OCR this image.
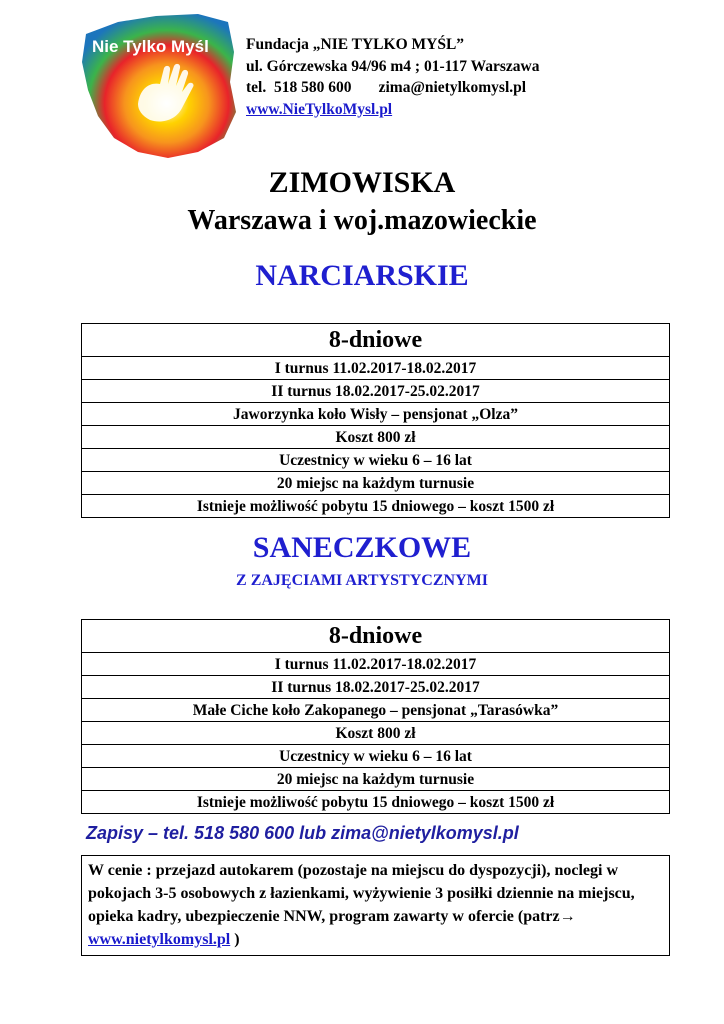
Nie Tylko Myśl Fundacja „NIE TYLKO MYŚL”
ul. Górczewska 94/96 m4 ; 01-117 Warszawa
tel.  518 580 600 zima@nietylkomysl.pl
www.NieTylkoMysl.pl
ZIMOWISKA
Warszawa i woj.mazowieckie
NARCIARSKIE
8-dniowe
I turnus 11.02.2017-18.02.2017
II turnus 18.02.2017-25.02.2017
Jaworzynka koło Wisły – pensjonat „Olza”
Koszt 800 zł
Uczestnicy w wieku 6 – 16 lat
20 miejsc na każdym turnusie
Istnieje możliwość pobytu 15 dniowego – koszt 1500 zł
SANECZKOWE
Z ZAJĘCIAMI ARTYSTYCZNYMI
8-dniowe
I turnus 11.02.2017-18.02.2017
II turnus 18.02.2017-25.02.2017
Małe Ciche koło Zakopanego – pensjonat „Tarasówka”
Koszt 800 zł
Uczestnicy w wieku 6 – 16 lat
20 miejsc na każdym turnusie
Istnieje możliwość pobytu 15 dniowego – koszt 1500 zł
Zapisy – tel. 518 580 600 lub zima@nietylkomysl.pl
W cenie : przejazd autokarem (pozostaje na miejscu do dyspozycji), noclegi w pokojach 3-5 osobowych z łazienkami, wyżywienie 3 posiłki dziennie na miejscu, opieka kadry, ubezpieczenie NNW, program zawarty w ofercie (patrz→ www.nietylkomysl.pl )
